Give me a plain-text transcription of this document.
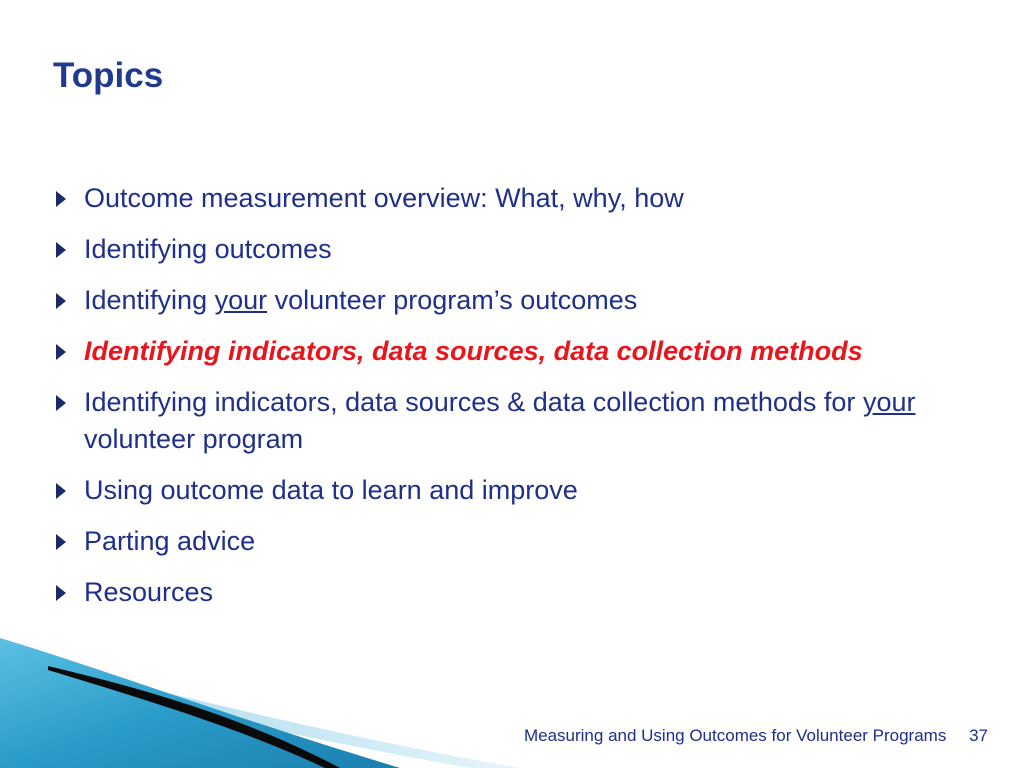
Topics
Outcome measurement overview: What, why, how
Identifying outcomes
Identifying your volunteer program’s outcomes
Identifying indicators, data sources, data collection methods
Identifying indicators, data sources & data collection methods for your volunteer program
Using outcome data to learn and improve
Parting advice
Resources
Measuring and Using Outcomes for Volunteer Programs 37
